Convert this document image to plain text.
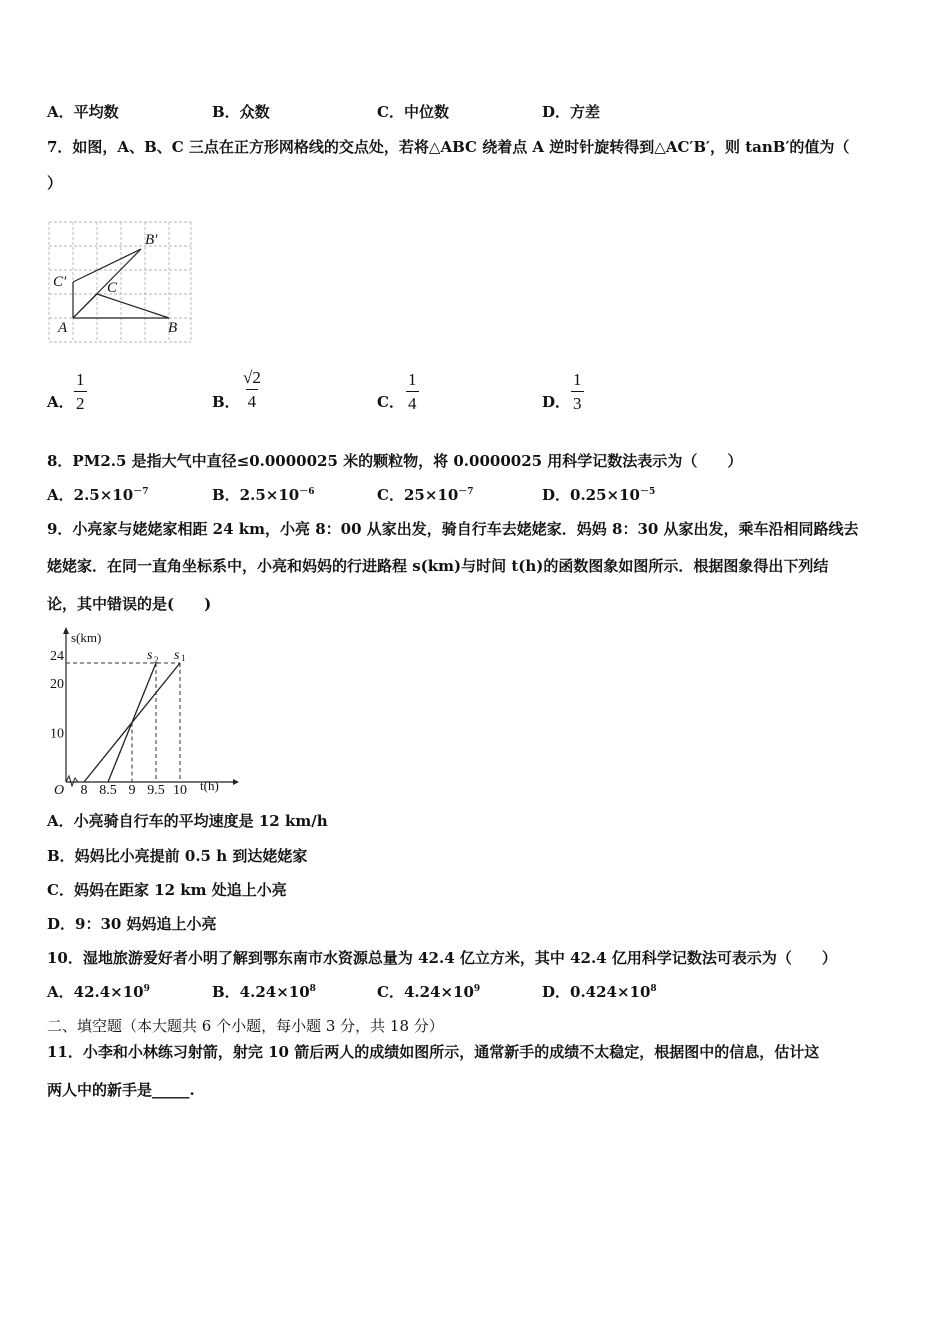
A．平均数	B．众数	C．中位数	D．方差
7．如图，A、B、C 三点在正方形网格线的交点处，若将△ABC 绕着点 A 逆时针旋转得到△AC′B′，则 tanB′的值为（
）
B′
C′	C
A	B
A． $\frac{1}{2}$	B． $\frac{√2}{4}$	C． $\frac{1}{4}$	D． $\frac{1}{3}$
8．PM2.5 是指大气中直径≤0.0000025 米的颗粒物，将 0.0000025 用科学记数法表示为（　　）
A．$2.5\times 10^{-7}$	B．$2.5\times 10^{-6}$	C．$25\times 10^{-7}$	D．$0.25\times 10^{-5}$
9．小亮家与姥姥家相距 24 km，小亮 8：00 从家出发，骑自行车去姥姥家．妈妈 8：30 从家出发，乘车沿相同路线去
姥姥家．在同一直角坐标系中，小亮和妈妈的行进路程 s(km)与时间 t(h)的函数图象如图所示．根据图象得出下列结
论，其中错误的是(　　)
8 8.5 9 9.5 10
10
20
24
O
s(km)
t(h)
s 2 s 1
A．小亮骑自行车的平均速度是 12 km/h
B．妈妈比小亮提前 0.5 h 到达姥姥家
C．妈妈在距家 12 km 处追上小亮
D．9：30 妈妈追上小亮
10．湿地旅游爱好者小明了解到鄂东南市水资源总量为 42.4 亿立方米，其中 42.4 亿用科学记数法可表示为（　　）
A．$42.4\times 10^9$	B．$4.24\times 10^8$	C．$4.24\times 10^9$	D．$0.424\times 10^8$
二、填空题（本大题共 6 个小题，每小题 3 分，共 18 分）
11．小李和小林练习射箭，射完 10 箭后两人的成绩如图所示，通常新手的成绩不太稳定，根据图中的信息，估计这
两人中的新手是_____.
